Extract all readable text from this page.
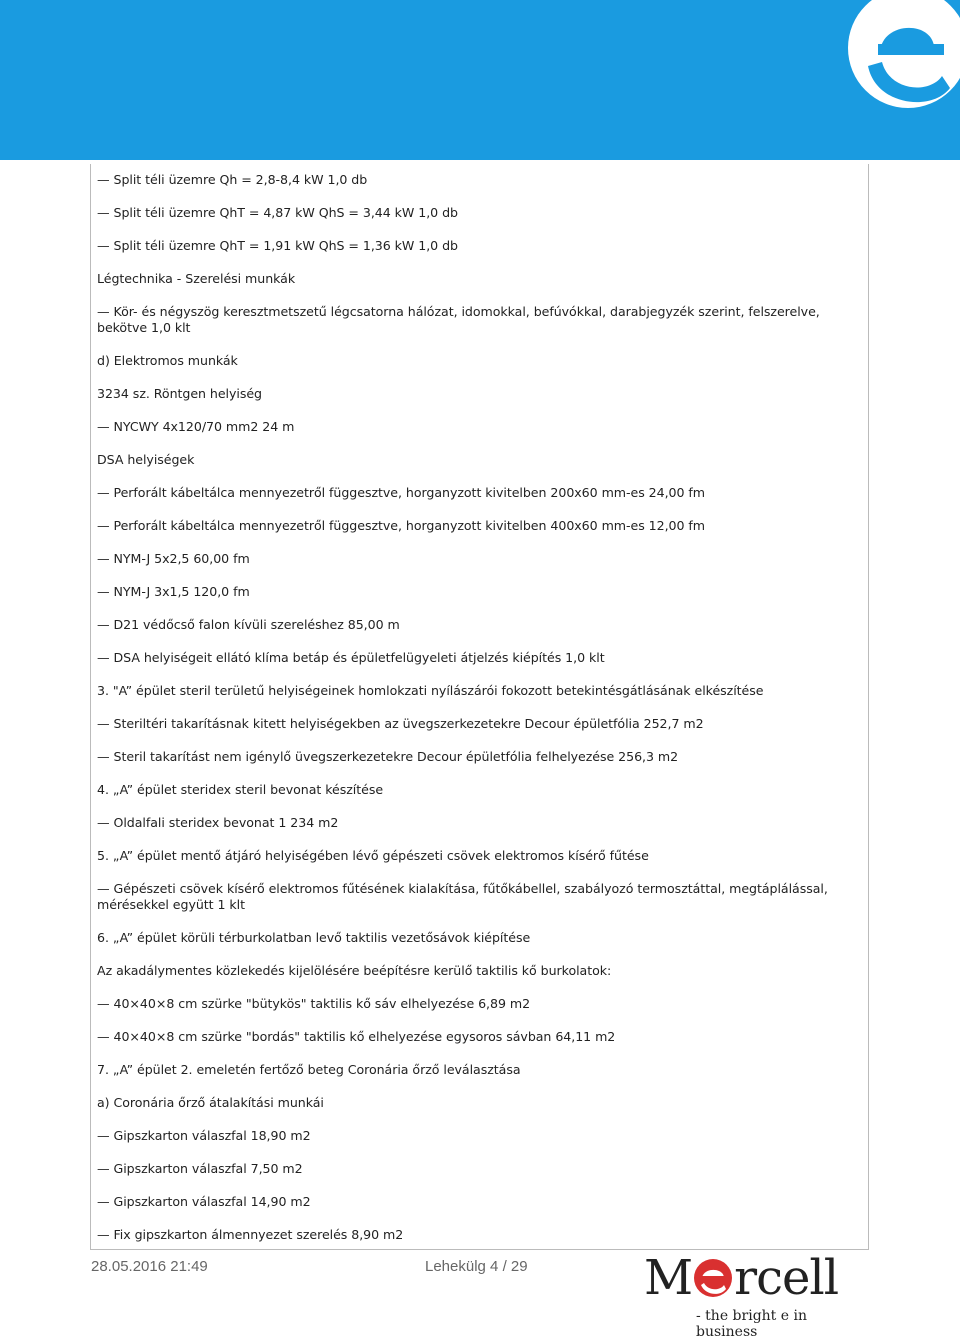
— Split téli üzemre Qh = 2,8-8,4 kW 1,0 db

— Split téli üzemre QhT = 4,87 kW QhS = 3,44 kW 1,0 db

— Split téli üzemre QhT = 1,91 kW QhS = 1,36 kW 1,0 db

Légtechnika - Szerelési munkák

— Kör- és négyszög keresztmetszetű légcsatorna hálózat, idomokkal, befúvókkal, darabjegyzék szerint, felszerelve, bekötve 1,0 klt

d) Elektromos munkák

3234 sz. Röntgen helyiség

— NYCWY 4x120/70 mm2 24 m

DSA helyiségek

— Perforált kábeltálca mennyezetről függesztve, horganyzott kivitelben 200x60 mm-es 24,00 fm

— Perforált kábeltálca mennyezetről függesztve, horganyzott kivitelben 400x60 mm-es 12,00 fm

— NYM-J 5x2,5 60,00 fm

— NYM-J 3x1,5 120,0 fm

— D21 védőcső falon kívüli szereléshez 85,00 m

— DSA helyiségeit ellátó klíma betáp és épületfelügyeleti átjelzés kiépítés 1,0 klt

3. "A” épület steril területű helyiségeinek homlokzati nyílászárói fokozott betekintésgátlásának elkészítése

— Steriltéri takarításnak kitett helyiségekben az üvegszerkezetekre Decour épületfólia 252,7 m2

— Steril takarítást nem igénylő üvegszerkezetekre Decour épületfólia felhelyezése 256,3 m2

4. „A” épület steridex steril bevonat készítése

— Oldalfali steridex bevonat 1 234 m2

5. „A” épület mentő átjáró helyiségében lévő gépészeti csövek elektromos kísérő fűtése

— Gépészeti csövek kísérő elektromos fűtésének kialakítása, fűtőkábellel, szabályozó termosztáttal, megtáplálással, mérésekkel együtt 1 klt

6. „A” épület körüli térburkolatban levő taktilis vezetősávok kiépítése

Az akadálymentes közlekedés kijelölésére beépítésre kerülő taktilis kő burkolatok:

— 40×40×8 cm szürke "bütykös" taktilis kő sáv elhelyezése 6,89 m2

— 40×40×8 cm szürke "bordás" taktilis kő elhelyezése egysoros sávban 64,11 m2

7. „A” épület 2. emeletén fertőző beteg Coronária őrző leválasztása

a) Coronária őrző átalakítási munkái

— Gipszkarton válaszfal 18,90 m2

— Gipszkarton válaszfal 7,50 m2

— Gipszkarton válaszfal 14,90 m2

— Fix gipszkarton álmennyezet szerelés 8,90 m2

28.05.2016 21:49	Lehekülg 4 / 29 M rcell
- the bright e in business
